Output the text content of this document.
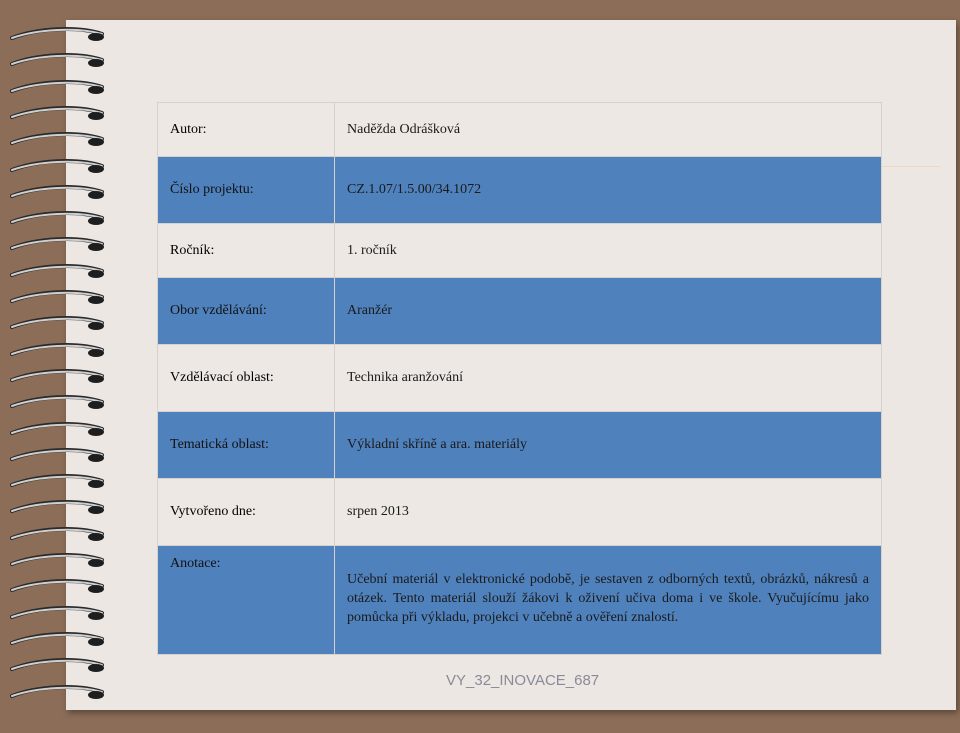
Autor:	Naděžda Odrášková
Číslo projektu:	CZ.1.07/1.5.00/34.1072
Ročník:	1. ročník
Obor vzdělávání:	Aranžér
Vzdělávací oblast:	Technika aranžování
Tematická oblast:	Výkladní skříně a ara. materiály
Vytvořeno dne:	srpen 2013
Anotace:	Učební materiál v elektronické podobě, je sestaven z odborných textů, obrázků, nákresů a otázek. Tento materiál slouží žákovi k oživení učiva doma i ve škole. Vyučujícímu jako pomůcka při výkladu, projekci v učebně a ověření znalostí.
VY_32_INOVACE_687
